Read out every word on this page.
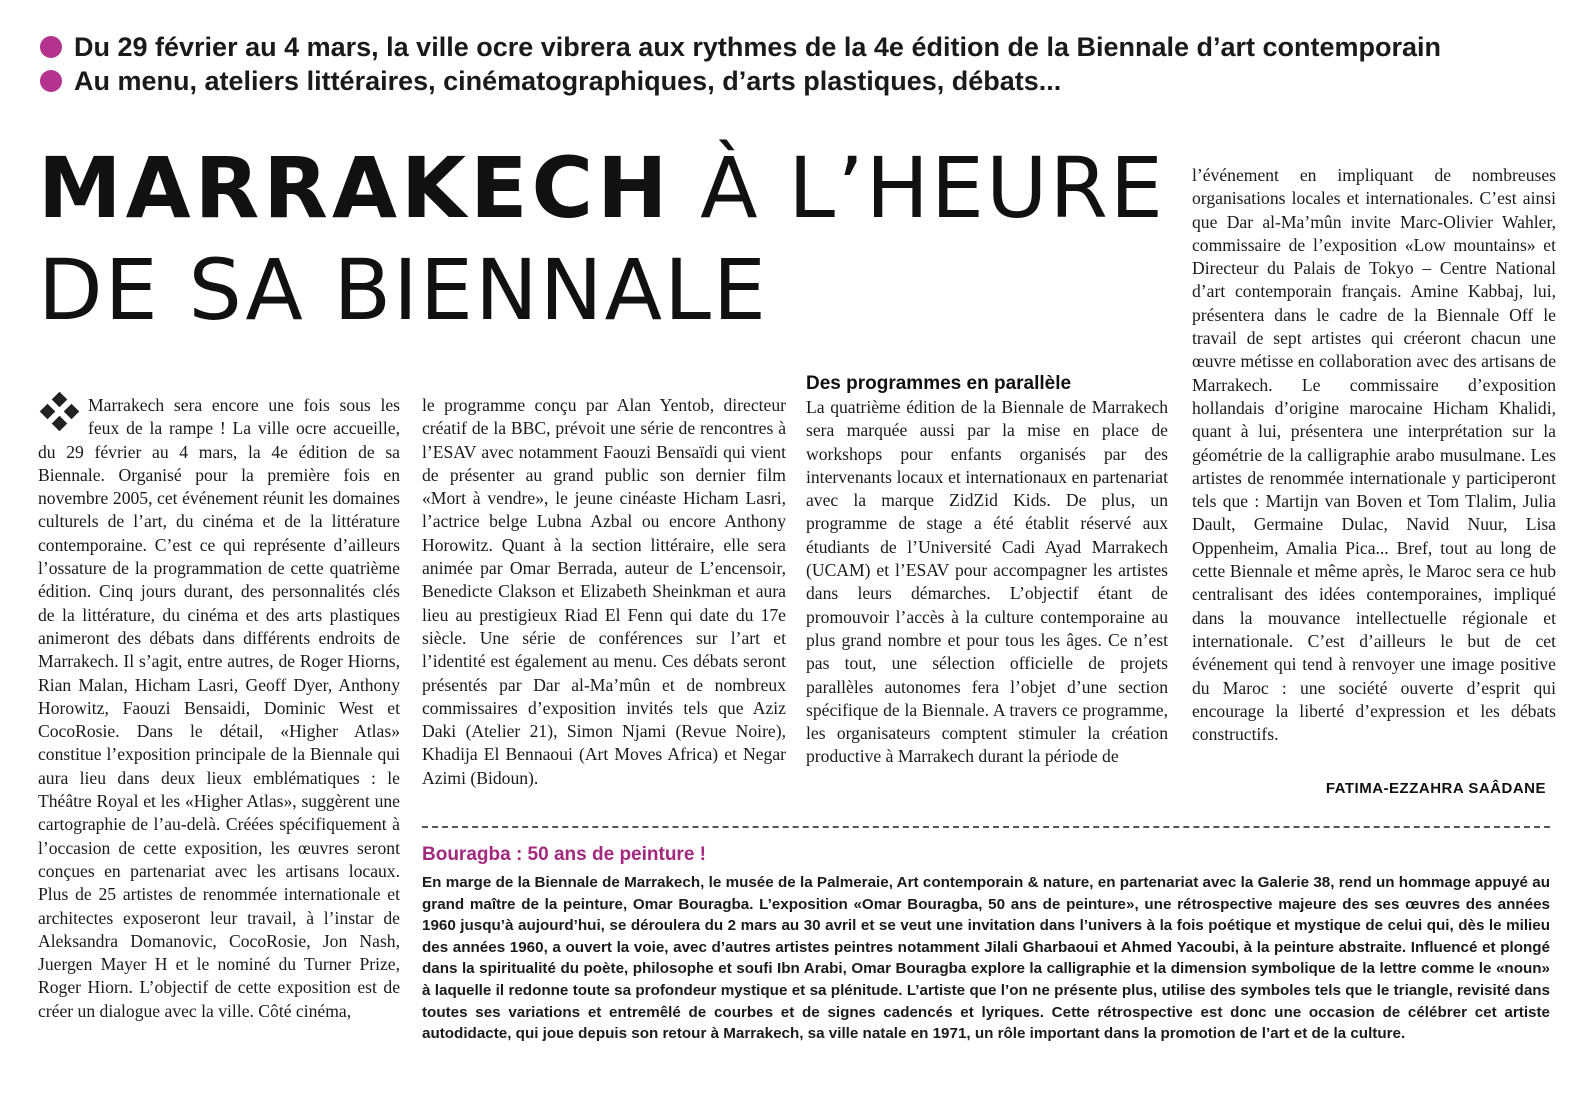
Du 29 février au 4 mars, la ville ocre vibrera aux rythmes de la 4e édition de la Biennale d’art contemporain
Au menu, ateliers littéraires, cinématographiques, d’arts plastiques, débats...
MARRAKECH À L’HEURE
DE SA BIENNALE
Marrakech sera encore une fois sous les feux de la rampe ! La ville ocre accueille, du 29 février au 4 mars, la 4e édition de sa Biennale. Organisé pour la première fois en novembre 2005, cet événement réunit les domaines culturels de l’art, du cinéma et de la littérature contemporaine. C’est ce qui représente d’ailleurs l’ossature de la programmation de cette quatrième édition. Cinq jours durant, des personnalités clés de la littérature, du cinéma et des arts plastiques animeront des débats dans différents endroits de Marrakech. Il s’agit, entre autres, de Roger Hiorns, Rian Malan, Hicham Lasri, Geoff Dyer, Anthony Horowitz, Faouzi Bensaidi, Dominic West et CocoRosie. Dans le détail, «Higher Atlas» constitue l’exposition principale de la Biennale qui aura lieu dans deux lieux emblématiques : le Théâtre Royal et les «Higher Atlas», suggèrent une cartographie de l’au-delà. Créées spécifiquement à l’occasion de cette exposition, les œuvres seront conçues en partenariat avec les artisans locaux. Plus de 25 artistes de renommée internationale et architectes exposeront leur travail, à l’instar de Aleksandra Domanovic, CocoRosie, Jon Nash, Juergen Mayer H et le nominé du Turner Prize, Roger Hiorn. L’objectif de cette exposition est de créer un dialogue avec la ville. Côté cinéma,
le programme conçu par Alan Yentob, directeur créatif de la BBC, prévoit une série de rencontres à l’ESAV avec notamment Faouzi Bensaïdi qui vient de présenter au grand public son dernier film «Mort à vendre», le jeune cinéaste Hicham Lasri, l’actrice belge Lubna Azbal ou encore Anthony Horowitz. Quant à la section littéraire, elle sera animée par Omar Berrada, auteur de L’encensoir, Benedicte Clakson et Elizabeth Sheinkman et aura lieu au prestigieux Riad El Fenn qui date du 17e siècle. Une série de conférences sur l’art et l’identité est également au menu. Ces débats seront présentés par Dar al-Ma’mûn et de nombreux commissaires d’exposition invités tels que Aziz Daki (Atelier 21), Simon Njami (Revue Noire), Khadija El Bennaoui (Art Moves Africa) et Negar Azimi (Bidoun).
Des programmes en parallèle
La quatrième édition de la Biennale de Marrakech sera marquée aussi par la mise en place de workshops pour enfants organisés par des intervenants locaux et internationaux en partenariat avec la marque ZidZid Kids. De plus, un programme de stage a été établit réservé aux étudiants de l’Université Cadi Ayad Marrakech (UCAM) et l’ESAV pour accompagner les artistes dans leurs démarches. L’objectif étant de promouvoir l’accès à la culture contemporaine au plus grand nombre et pour tous les âges. Ce n’est pas tout, une sélection officielle de projets parallèles autonomes fera l’objet d’une section spécifique de la Biennale. A travers ce programme, les organisateurs comptent stimuler la création productive à Marrakech durant la période de
l’événement en impliquant de nombreuses organisations locales et internationales. C’est ainsi que Dar al-Ma’mûn invite Marc-Olivier Wahler, commissaire de l’exposition «Low mountains» et Directeur du Palais de Tokyo – Centre National d’art contemporain français. Amine Kabbaj, lui, présentera dans le cadre de la Biennale Off le travail de sept artistes qui créeront chacun une œuvre métisse en collaboration avec des artisans de Marrakech. Le commissaire d’exposition hollandais d’origine marocaine Hicham Khalidi, quant à lui, présentera une interprétation sur la géométrie de la calligraphie arabo musulmane. Les artistes de renommée internationale y participeront tels que : Martijn van Boven et Tom Tlalim, Julia Dault, Germaine Dulac, Navid Nuur, Lisa Oppenheim, Amalia Pica... Bref, tout au long de cette Biennale et même après, le Maroc sera ce hub centralisant des idées contemporaines, impliqué dans la mouvance intellectuelle régionale et internationale. C’est d’ailleurs le but de cet événement qui tend à renvoyer une image positive du Maroc : une société ouverte d’esprit qui encourage la liberté d’expression et les débats constructifs.
FATIMA-EZZAHRA SAÂDANE
Bouragba : 50 ans de peinture !
En marge de la Biennale de Marrakech, le musée de la Palmeraie, Art contemporain & nature, en partenariat avec la Galerie 38, rend un hommage appuyé au grand maître de la peinture, Omar Bouragba. L’exposition «Omar Bouragba, 50 ans de peinture», une rétrospective majeure des ses œuvres des années 1960 jusqu’à aujourd’hui, se déroulera du 2 mars au 30 avril et se veut une invitation dans l’univers à la fois poétique et mystique de celui qui, dès le milieu des années 1960, a ouvert la voie, avec d’autres artistes peintres notamment Jilali Gharbaoui et Ahmed Yacoubi, à la peinture abstraite. Influencé et plongé dans la spiritualité du poète, philosophe et soufi Ibn Arabi, Omar Bouragba explore la calligraphie et la dimension symbolique de la lettre comme le «noun» à laquelle il redonne toute sa profondeur mystique et sa plénitude. L’artiste que l’on ne présente plus, utilise des symboles tels que le triangle, revisité dans toutes ses variations et entremêlé de courbes et de signes cadencés et lyriques. Cette rétrospective est donc une occasion de célébrer cet artiste autodidacte, qui joue depuis son retour à Marrakech, sa ville natale en 1971, un rôle important dans la promotion de l’art et de la culture.
